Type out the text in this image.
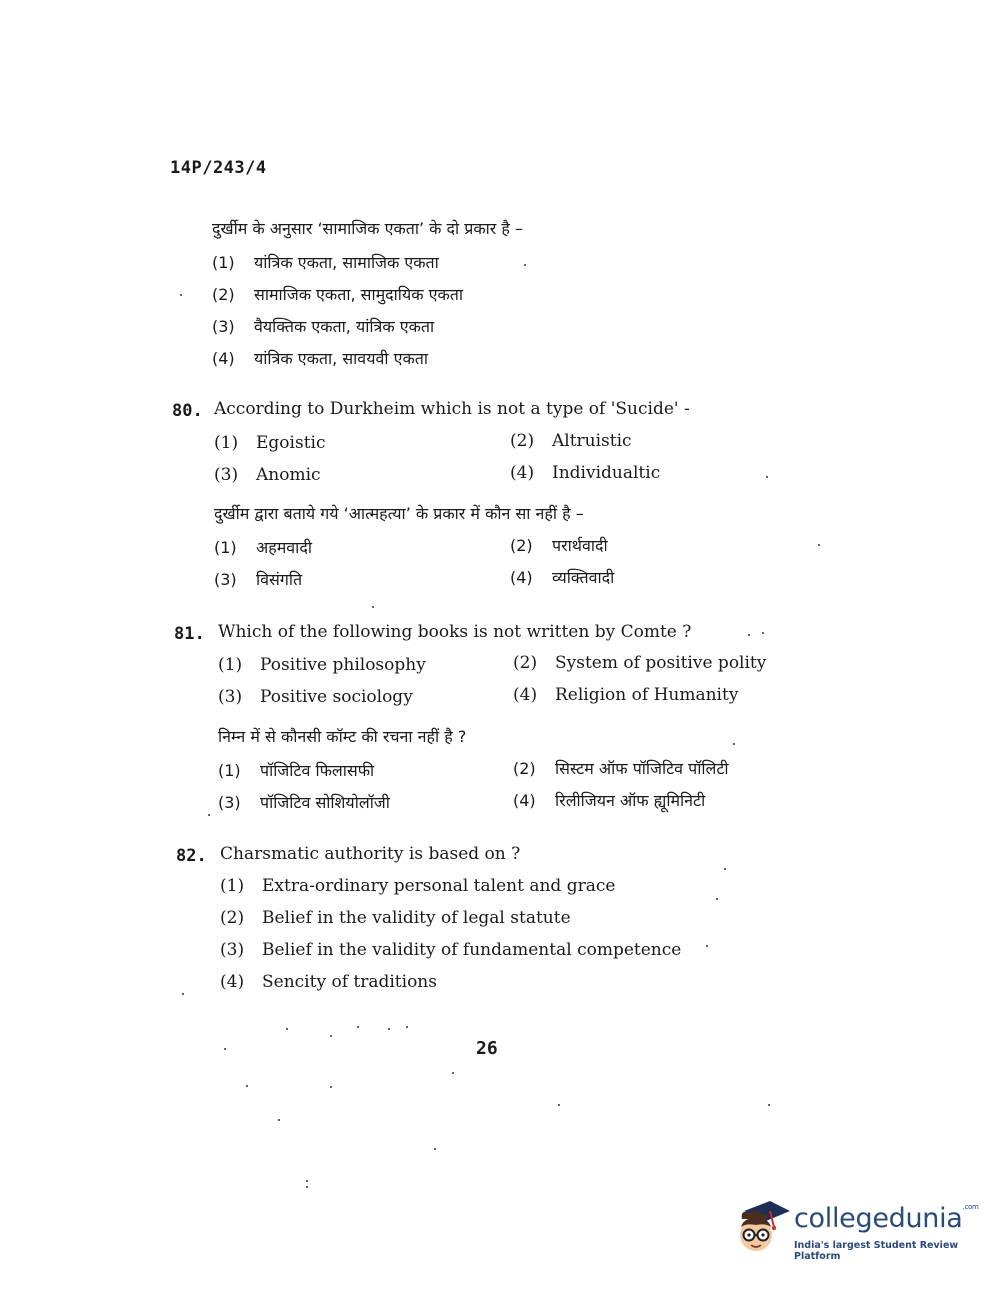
14P/243/4
दुर्खीम के अनुसार ‘सामाजिक एकता’ के दो प्रकार है –
(1) यांत्रिक एकता, सामाजिक एकता
(2) सामाजिक एकता, सामुदायिक एकता
(3) वैयक्तिक एकता, यांत्रिक एकता
(4) यांत्रिक एकता, सावयवी एकता
80. According to Durkheim which is not a type of 'Sucide' -
(1) Egoistic	(2) Altruistic
(3) Anomic	(4) Individualtic
दुर्खीम द्वारा बताये गये ‘आत्महत्या’ के प्रकार में कौन सा नहीं है –
(1) अहमवादी	(2) परार्थवादी
(3) विसंगति	(4) व्यक्तिवादी
81. Which of the following books is not written by Comte ?
(1) Positive philosophy	(2) System of positive polity
(3) Positive sociology	(4) Religion of Humanity
निम्न में से कौनसी कॉम्ट की रचना नहीं है ?
(1) पॉजिटिव फिलासफी	(2) सिस्टम ऑफ पॉजिटिव पॉलिटी
(3) पॉजिटिव सोशियोलॉजी	(4) रिलीजियन ऑफ ह्यूमिनिटी
82. Charsmatic authority is based on ?
(1) Extra-ordinary personal talent and grace
(2) Belief in the validity of legal statute
(3) Belief in the validity of fundamental competence
(4) Sencity of traditions
26
collegedunia$^{.com}$
India's largest Student Review Platform
